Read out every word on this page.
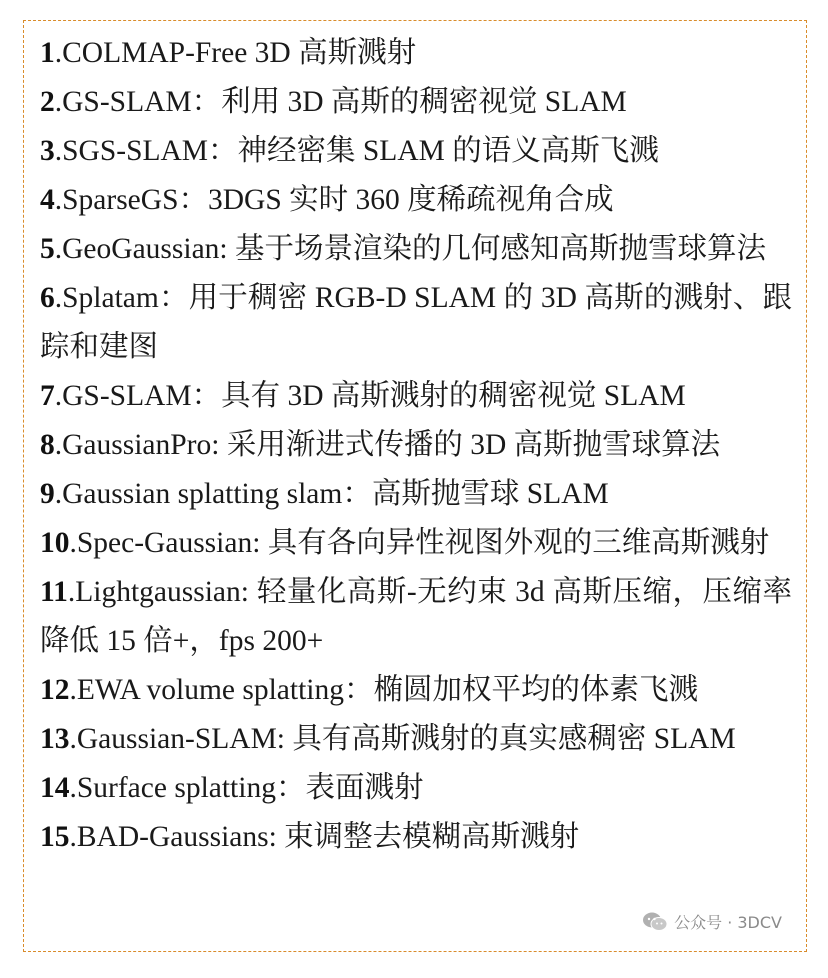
1.COLMAP-Free 3D 高斯溅射
2.GS-SLAM：利用 3D 高斯的稠密视觉 SLAM
3.SGS-SLAM：神经密集 SLAM 的语义高斯飞溅
4.SparseGS：3DGS 实时 360 度稀疏视角合成
5.GeoGaussian: 基于场景渲染的几何感知高斯抛雪球算法
6.Splatam：用于稠密 RGB-D SLAM 的 3D 高斯的溅射、跟踪和建图
7.GS-SLAM：具有 3D 高斯溅射的稠密视觉 SLAM
8.GaussianPro: 采用渐进式传播的 3D 高斯抛雪球算法
9.Gaussian splatting slam：高斯抛雪球 SLAM
10.Spec-Gaussian: 具有各向异性视图外观的三维高斯溅射
11.Lightgaussian: 轻量化高斯-无约束 3d 高斯压缩，压缩率降低 15 倍+，fps 200+
12.EWA volume splatting：椭圆加权平均的体素飞溅
13.Gaussian-SLAM: 具有高斯溅射的真实感稠密 SLAM
14.Surface splatting：表面溅射
15.BAD-Gaussians: 束调整去模糊高斯溅射
公众号 · 3DCV
